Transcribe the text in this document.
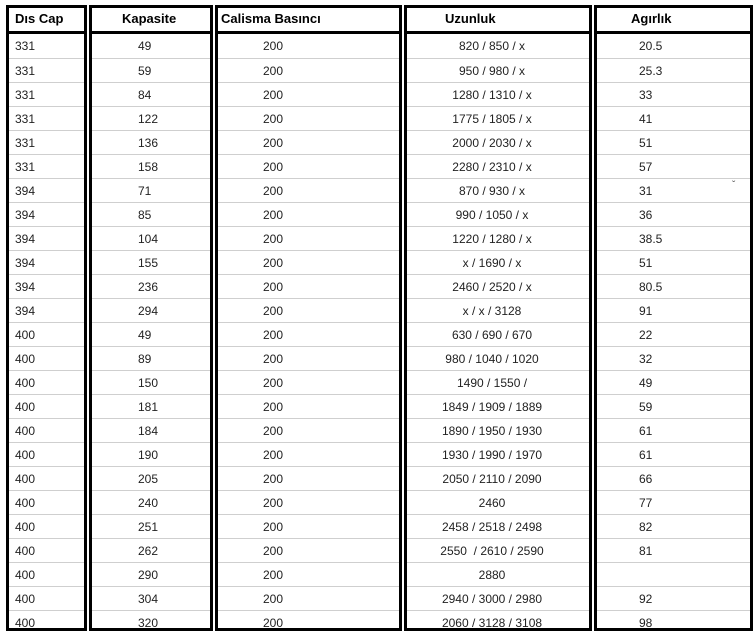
Dıs Cap
331
331
331
331
331
331
394
394
394
394
394
394
400
400
400
400
400
400
400
400
400
400
400
400
400
Kapasite
49
59
84
122
136
158
71
85
104
155
236
294
49
89
150
181
184
190
205
240
251
262
290
304
320
Calisma Basıncı
200
200
200
200
200
200
200
200
200
200
200
200
200
200
200
200
200
200
200
200
200
200
200
200
200
Uzunluk
820 / 850 / x
950 / 980 / x
1280 / 1310 / x
1775 / 1805 / x
2000 / 2030 / x
2280 / 2310 / x
870 / 930 / x
990 / 1050 / x
1220 / 1280 / x
x / 1690 / x
2460 / 2520 / x
x / x / 3128
630 / 690 / 670
980 / 1040 / 1020
1490 / 1550 /
1849 / 1909 / 1889
1890 / 1950 / 1930
1930 / 1990 / 1970
2050 / 2110 / 2090
2460
2458 / 2518 / 2498
2550  / 2610 / 2590
2880
2940 / 3000 / 2980
2060 / 3128 / 3108
Agırlık
20.5
25.3
33
41
51
57
31
36
38.5
51
80.5
91
22
32
49
59
61
61
66
77
82
81
92
98
ˇ
